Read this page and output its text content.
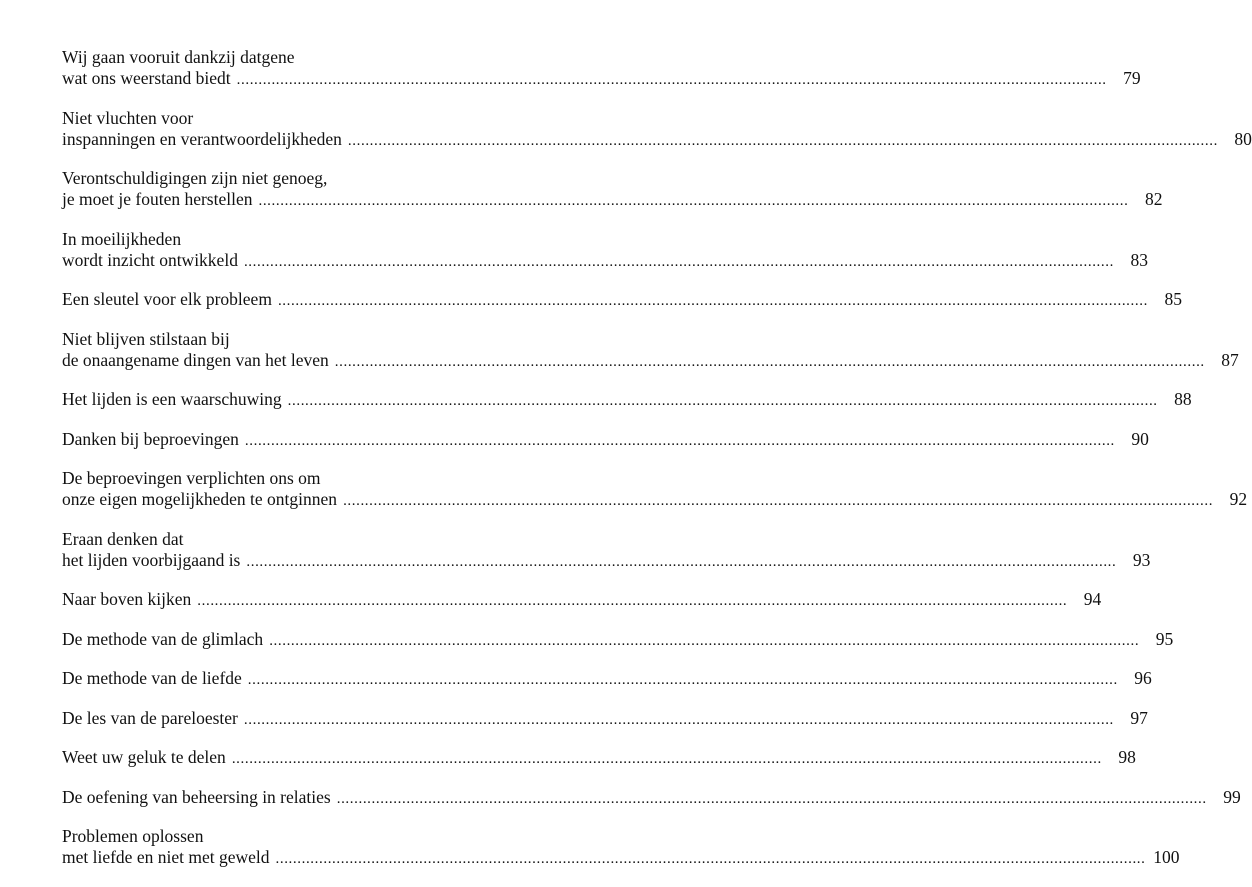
Wij gaan vooruit dankzij datgene
wat ons weerstand biedt ........................................................................................................................................................................................................ 79
Niet vluchten voor
inspanningen en verantwoordelijkheden ........................................................................................................................................................................................................ 80
Verontschuldigingen zijn niet genoeg,
je moet je fouten herstellen ........................................................................................................................................................................................................ 82
In moeilijkheden
wordt inzicht ontwikkeld ........................................................................................................................................................................................................ 83
Een sleutel voor elk probleem ........................................................................................................................................................................................................ 85
Niet blijven stilstaan bij
de onaangename dingen van het leven ........................................................................................................................................................................................................ 87
Het lijden is een waarschuwing ........................................................................................................................................................................................................ 88
Danken bij beproevingen ........................................................................................................................................................................................................ 90
De beproevingen verplichten ons om
onze eigen mogelijkheden te ontginnen ........................................................................................................................................................................................................ 92
Eraan denken dat
het lijden voorbijgaand is ........................................................................................................................................................................................................ 93
Naar boven kijken ........................................................................................................................................................................................................ 94
De methode van de glimlach ........................................................................................................................................................................................................ 95
De methode van de liefde ........................................................................................................................................................................................................ 96
De les van de pareloester ........................................................................................................................................................................................................ 97
Weet uw geluk te delen ........................................................................................................................................................................................................ 98
De oefening van beheersing in relaties ........................................................................................................................................................................................................ 99
Problemen oplossen
met liefde en niet met geweld ........................................................................................................................................................................................................ 100
